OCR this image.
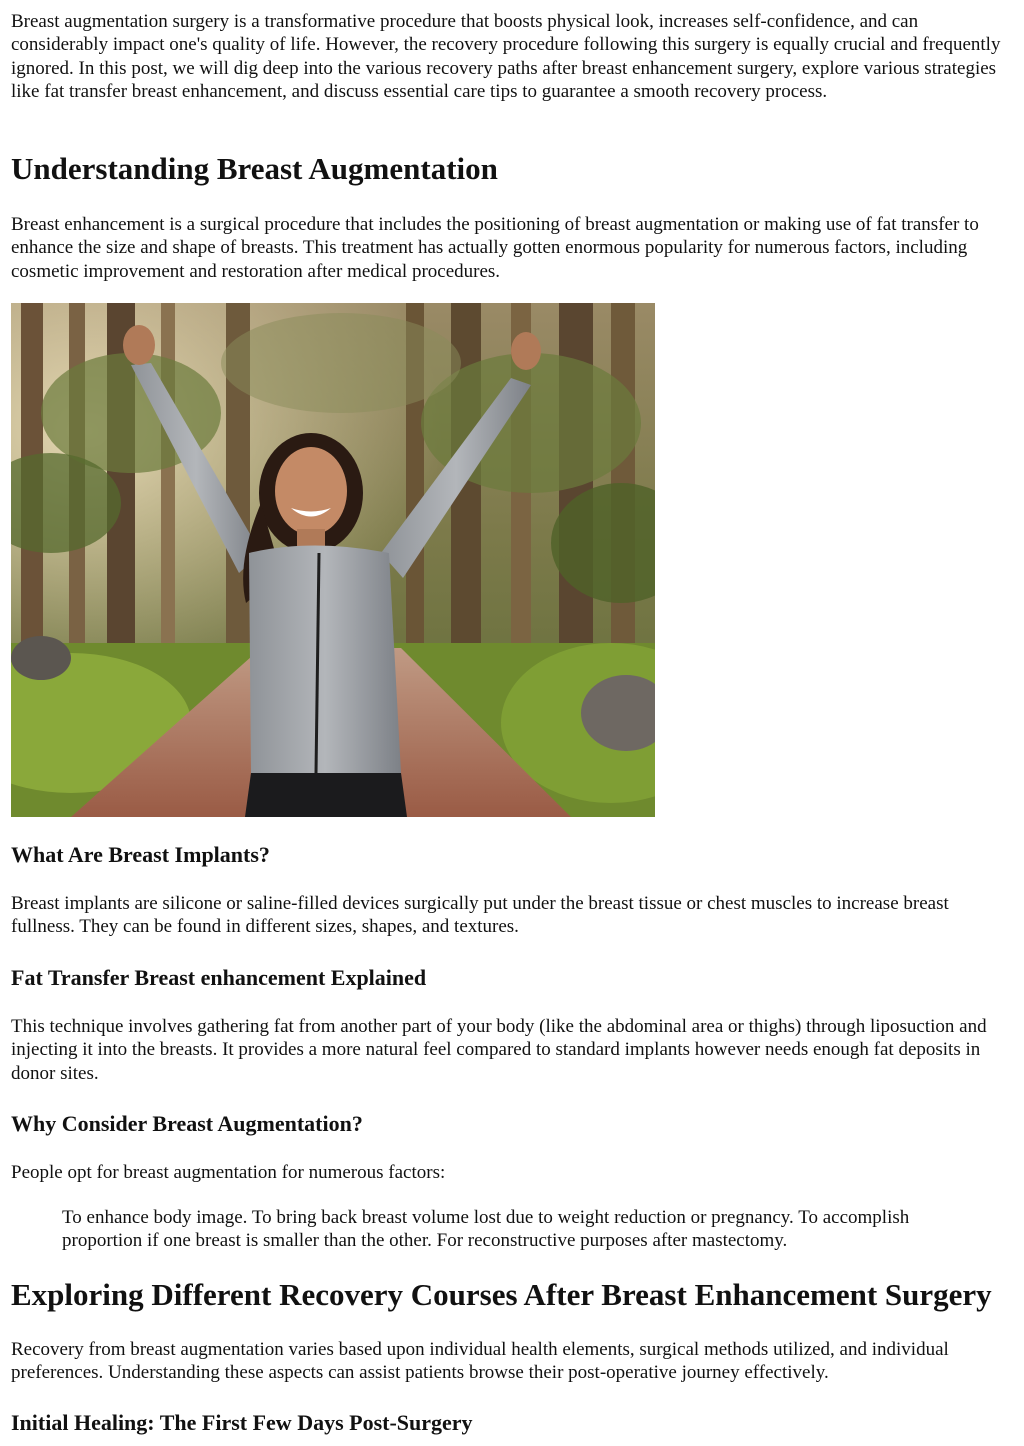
Breast augmentation surgery is a transformative procedure that boosts physical look, increases self-confidence, and can considerably impact one's quality of life. However, the recovery procedure following this surgery is equally crucial and frequently ignored. In this post, we will dig deep into the various recovery paths after breast enhancement surgery, explore various strategies like fat transfer breast enhancement, and discuss essential care tips to guarantee a smooth recovery process.

Understanding Breast Augmentation

Breast enhancement is a surgical procedure that includes the positioning of breast augmentation or making use of fat transfer to enhance the size and shape of breasts. This treatment has actually gotten enormous popularity for numerous factors, including cosmetic improvement and restoration after medical procedures.

What Are Breast Implants?

Breast implants are silicone or saline-filled devices surgically put under the breast tissue or chest muscles to increase breast fullness. They can be found in different sizes, shapes, and textures.

Fat Transfer Breast enhancement Explained

This technique involves gathering fat from another part of your body (like the abdominal area or thighs) through liposuction and injecting it into the breasts. It provides a more natural feel compared to standard implants however needs enough fat deposits in donor sites.

Why Consider Breast Augmentation?

People opt for breast augmentation for numerous factors:

To enhance body image. To bring back breast volume lost due to weight reduction or pregnancy. To accomplish proportion if one breast is smaller than the other. For reconstructive purposes after mastectomy.

Exploring Different Recovery Courses After Breast Enhancement Surgery

Recovery from breast augmentation varies based upon individual health elements, surgical methods utilized, and individual preferences. Understanding these aspects can assist patients browse their post-operative journey effectively.

Initial Healing: The First Few Days Post-Surgery
